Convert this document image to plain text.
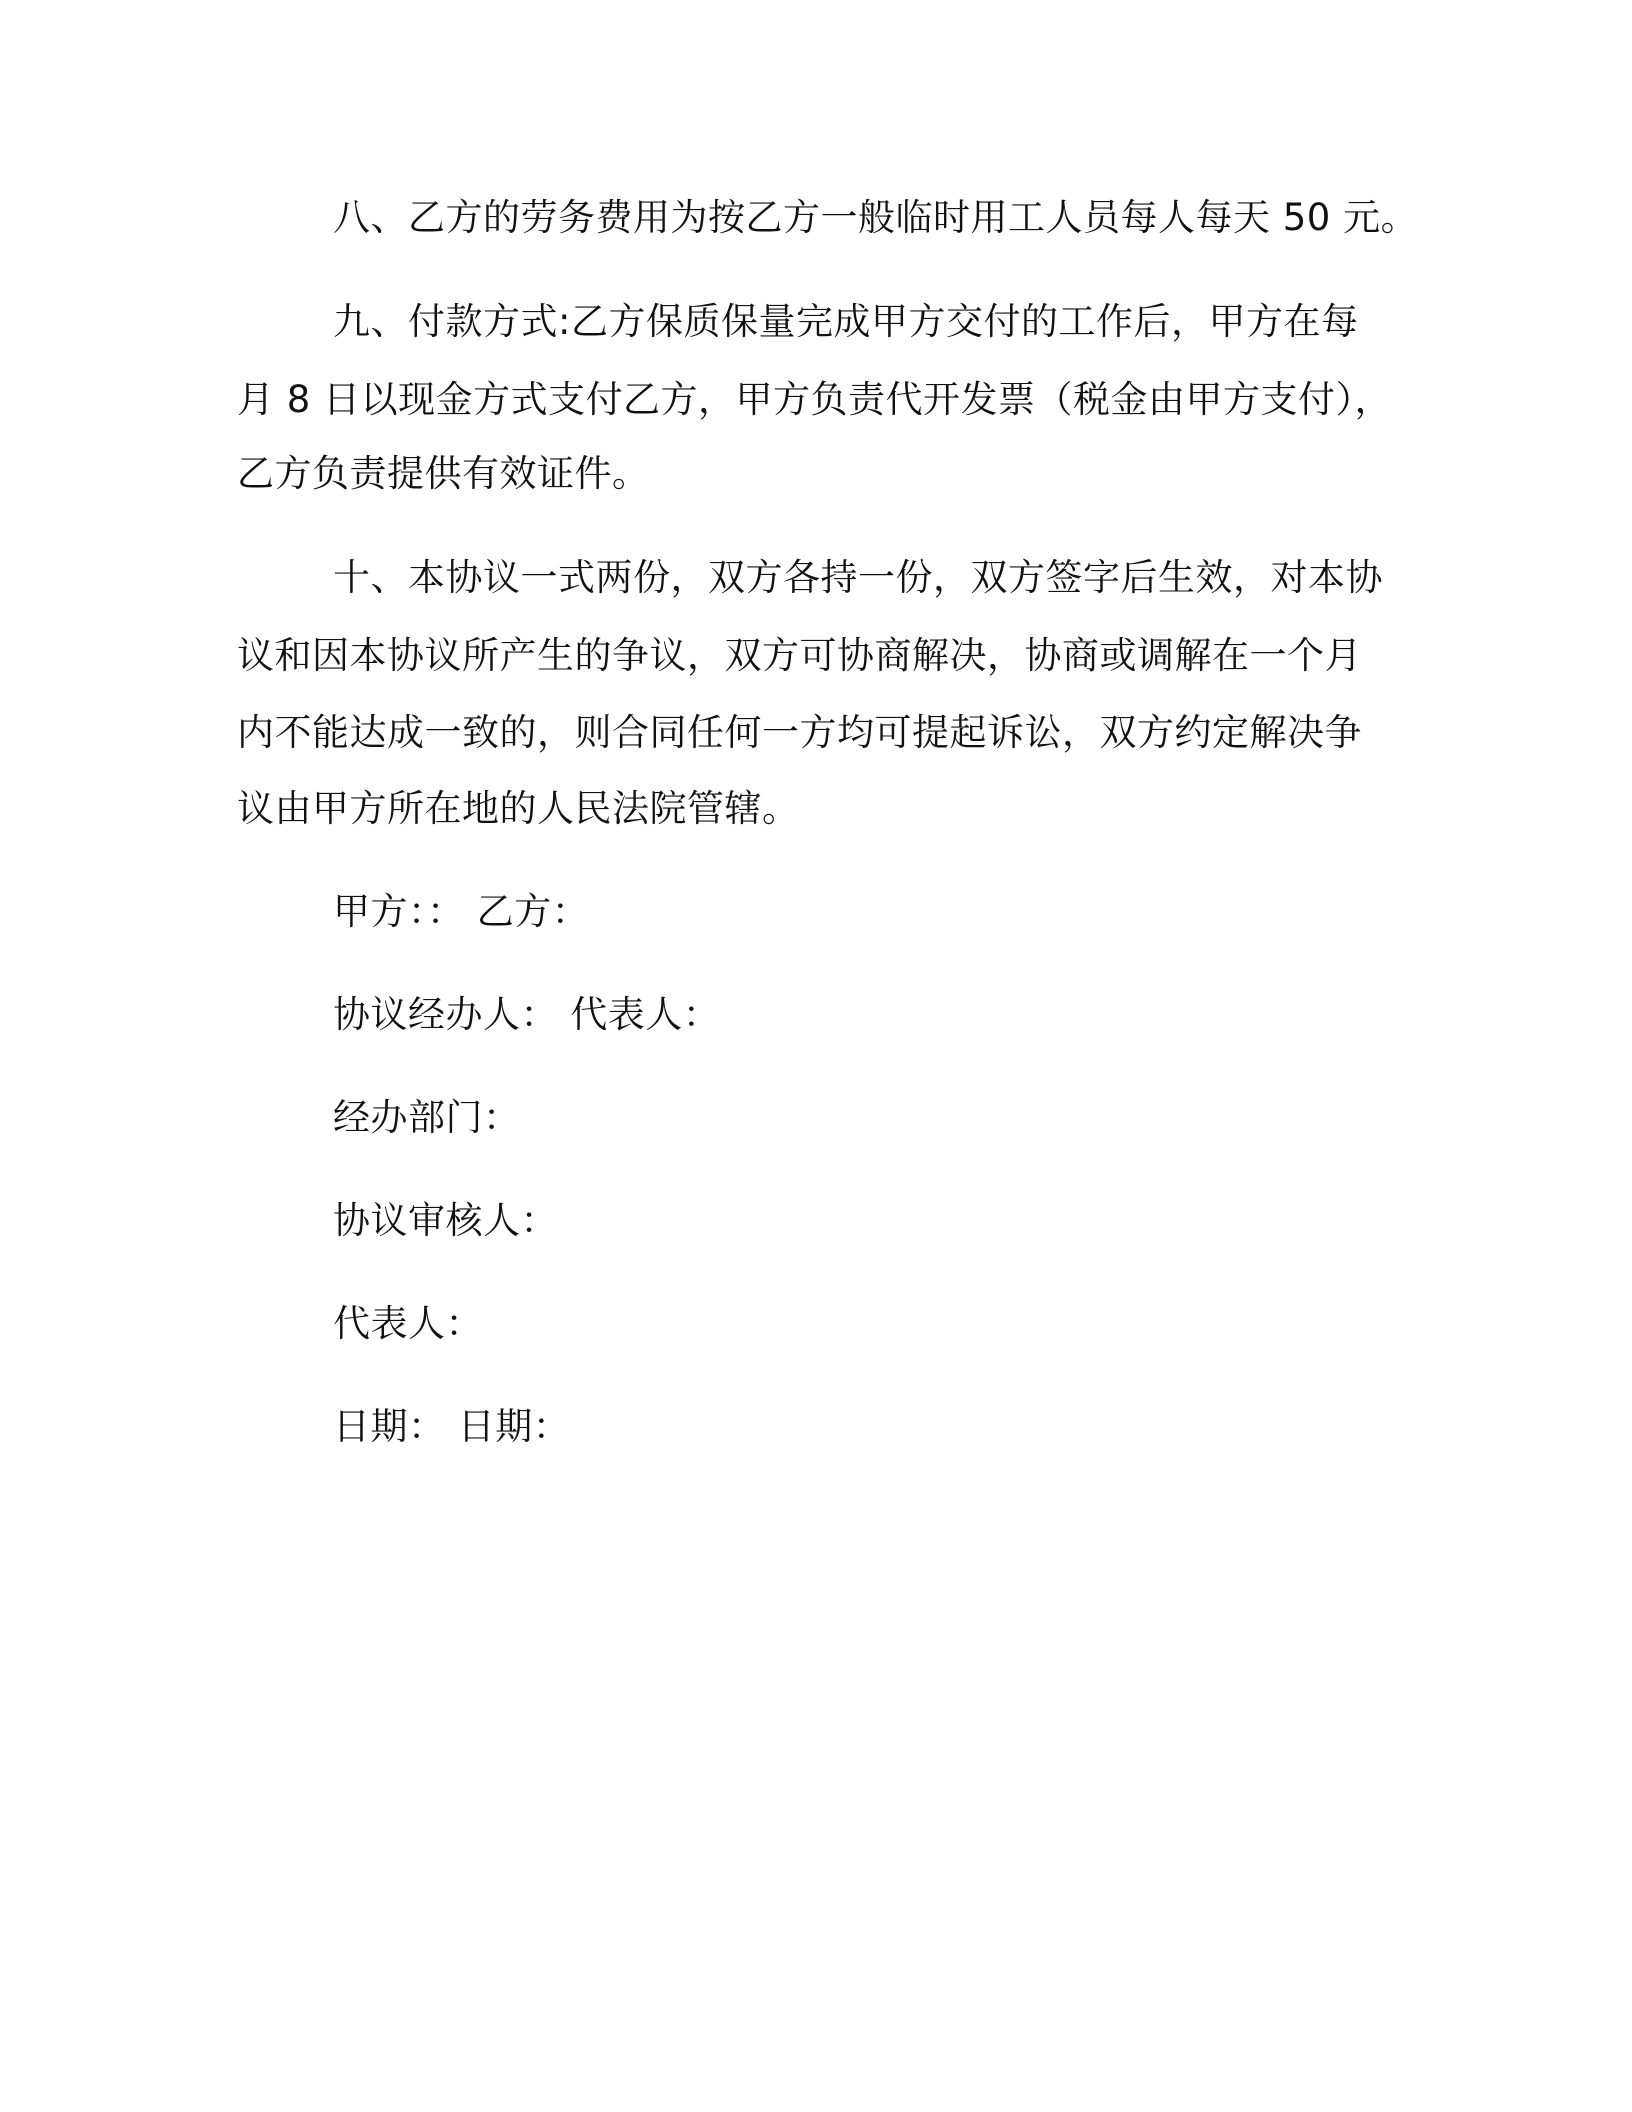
八、乙方的劳务费用为按乙方一般临时用工人员每人每天 50 元。
九、付款方式:乙方保质保量完成甲方交付的工作后，甲方在每
月 8 日以现金方式支付乙方，甲方负责代开发票（税金由甲方支付），
乙方负责提供有效证件。
十、本协议一式两份，双方各持一份，双方签字后生效，对本协
议和因本协议所产生的争议，双方可协商解决，协商或调解在一个月
内不能达成一致的，则合同任何一方均可提起诉讼，双方约定解决争
议由甲方所在地的人民法院管辖。
甲方：： 乙方：
协议经办人： 代表人：
经办部门：
协议审核人：
代表人：
日期： 日期：
